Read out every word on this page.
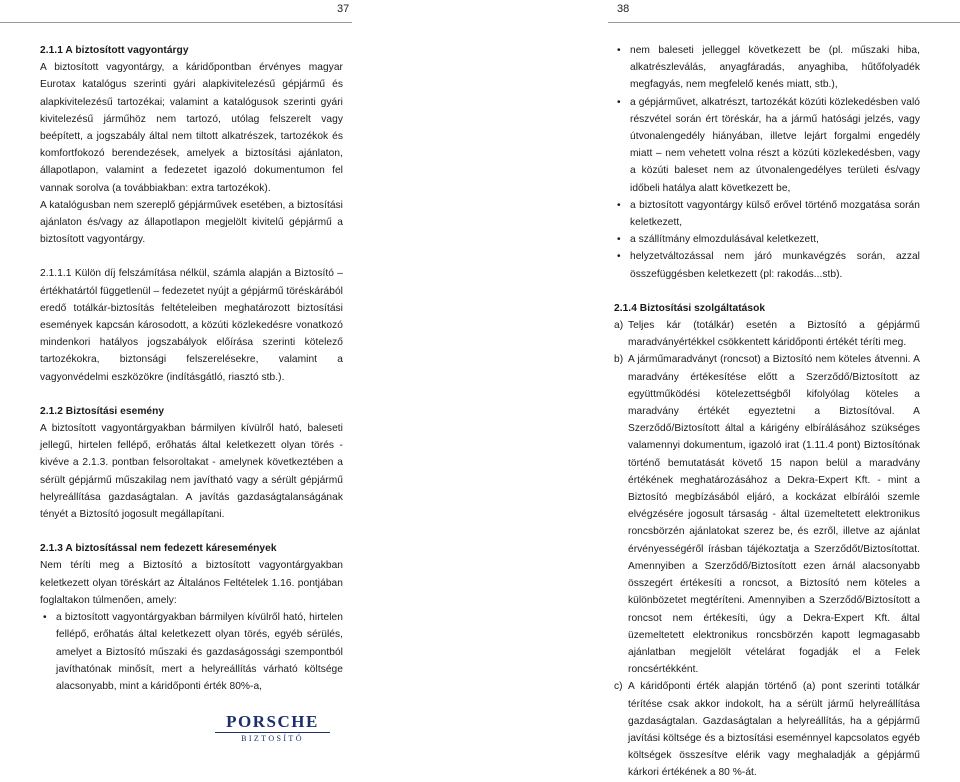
37	38
2.1.1 A biztosított vagyontárgy

A biztosított vagyontárgy, a káridőpontban érvényes magyar Eurotax katalógus szerinti gyári alapkivitelezésű gépjármű és alapkivitelezésű tartozékai; valamint a katalógusok szerinti gyári kivitelezésű járműhöz nem tartozó, utólag felszerelt vagy beépített, a jogszabály által nem tiltott alkatrészek, tartozékok és komfortfokozó berendezések, amelyek a biztosítási ajánlaton, állapotlapon, valamint a fedezetet igazoló dokumentumon fel vannak sorolva (a továbbiakban: extra tartozékok).

A katalógusban nem szereplő gépjárművek esetében, a biztosítási ajánlaton és/vagy az állapotlapon megjelölt kivitelű gépjármű a biztosított vagyontárgy.

2.1.1.1 Külön díj felszámítása nélkül, számla alapján a Biztosító – értékhatártól függetlenül – fedezetet nyújt a gépjármű töréskárából eredő totálkár-biztosítás feltételeiben meghatározott biztosítási események kapcsán károsodott, a közúti közlekedésre vonatkozó mindenkori hatályos jogszabályok előírása szerinti kötelező tartozékokra, biztonsági felszerelésekre, valamint a vagyonvédelmi eszközökre (indításgátló, riasztó stb.).

2.1.2 Biztosítási esemény

A biztosított vagyontárgyakban bármilyen kívülről ható, baleseti jellegű, hirtelen fellépő, erőhatás által keletkezett olyan törés - kivéve a 2.1.3. pontban felsoroltakat - amelynek következtében a sérült gépjármű műszakilag nem javítható vagy a sérült gépjármű helyreállítása gazdaságtalan. A javítás gazdaságtalanságának tényét a Biztosító jogosult megállapítani.

2.1.3 A biztosítással nem fedezett káresemények

Nem téríti meg a Biztosító a biztosított vagyontárgyakban keletkezett olyan töréskárt az Általános Feltételek 1.16. pontjában foglaltakon túlmenően, amely:

• a biztosított vagyontárgyakban bármilyen kívülről ható, hirtelen fellépő, erőhatás által keletkezett olyan törés, egyéb sérülés, amelyet a Biztosító műszaki és gazdaságossági szempontból javíthatónak minősít, mert a helyreállítás várható költsége alacsonyabb, mint a káridőponti érték 80%-a,
PORSCHE
BIZTOSÍTÓ
• nem baleseti jelleggel következett be (pl. műszaki hiba, alkatrészleválás, anyagfáradás, anyaghiba, hűtőfolyadék megfagyás, nem megfelelő kenés miatt, stb.),
• a gépjárművet, alkatrészt, tartozékát közúti közlekedésben való részvétel során ért töréskár, ha a jármű hatósági jelzés, vagy útvonalengedély hiányában, illetve lejárt forgalmi engedély miatt – nem vehetett volna részt a közúti közlekedésben, vagy a közúti baleset nem az útvonalengedélyes területi és/vagy időbeli hatálya alatt következett be,
• a biztosított vagyontárgy külső erővel történő mozgatása során keletkezett,
• a szállítmány elmozdulásával keletkezett,
• helyzetváltozással nem járó munkavégzés során, azzal összefüggésben keletkezett (pl: rakodás...stb).
2.1.4 Biztosítási szolgáltatások
a) Teljes kár (totálkár) esetén a Biztosító a gépjármű maradványértékkel csökkentett káridőponti értékét téríti meg.

b) A járműmaradványt (roncsot) a Biztosító nem köteles átvenni. A maradvány értékesítése előtt a Szerződő/Biztosított az együttműködési kötelezettségből kifolyólag köteles a maradvány értékét egyeztetni a Biztosítóval. A Szerződő/Biztosított által a kárigény elbírálásához szükséges valamennyi dokumentum, igazoló irat (1.11.4 pont) Biztosítónak történő bemutatását követő 15 napon belül a maradvány értékének meghatározásához a Dekra-Expert Kft. - mint a Biztosító megbízásából eljáró, a kockázat elbírálói szemle elvégzésére jogosult társaság - által üzemeltetett elektronikus roncsbörzén ajánlatokat szerez be, és ezről, illetve az ajánlat érvényességéről írásban tájékoztatja a Szerződőt/Biztosítottat. Amennyiben a Szerződő/Biztosított ezen árnál alacsonyabb összegért értékesíti a roncsot, a Biztosító nem köteles a különbözetet megtéríteni. Amennyiben a Szerződő/Biztosított a roncsot nem értékesíti, úgy a Dekra-Expert Kft. által üzemeltetett elektronikus roncsbörzén kapott legmagasabb ajánlatban megjelölt vételárat fogadják el a Felek roncsértékként.

c) A káridőponti érték alapján történő (a) pont szerinti totálkár térítése csak akkor indokolt, ha a sérült jármű helyreállítása gazdaságtalan. Gazdaságtalan a helyreállítás, ha a gépjármű javítási költsége és a biztosítási eseménnyel kapcsolatos egyéb költségek összesítve elérik vagy meghaladják a gépjármű kárkori értékének a 80 %-át.
